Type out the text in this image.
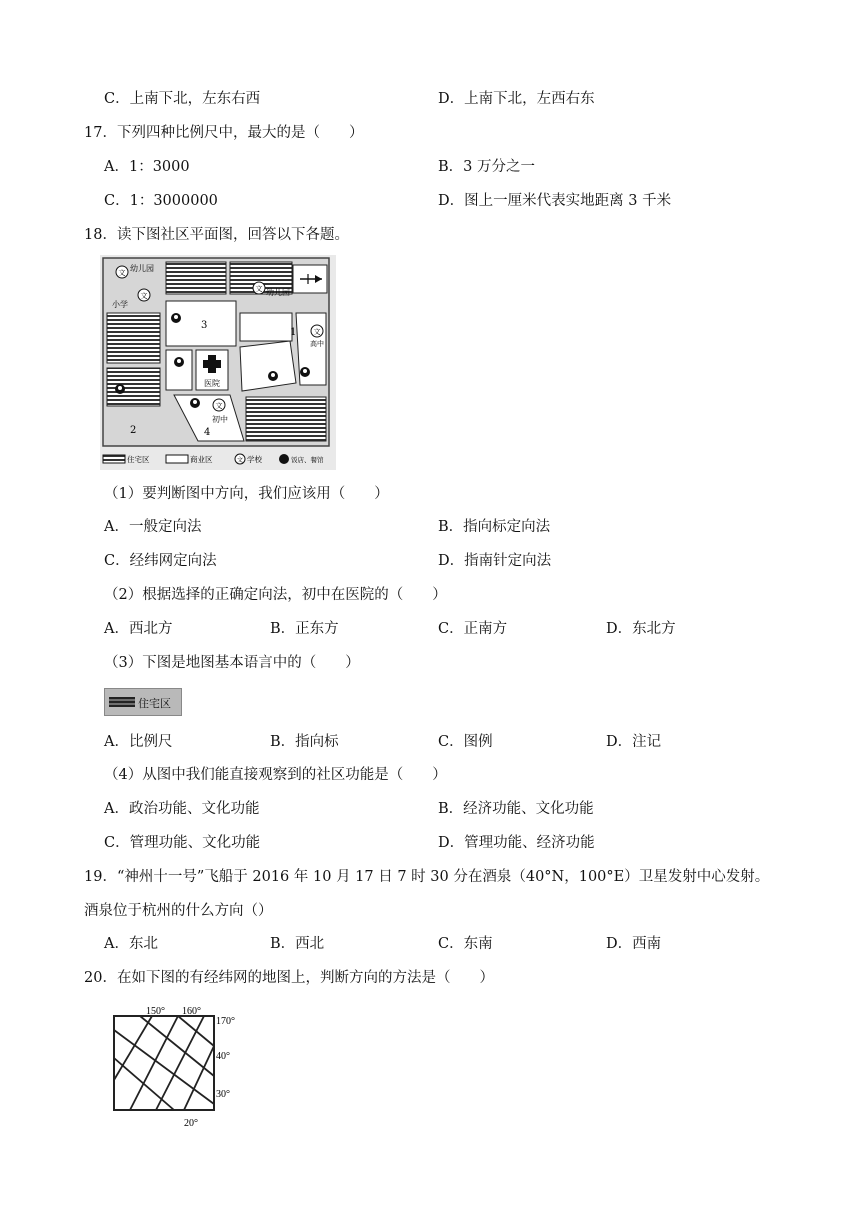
C．上南下北，左东右西	D．上南下北，左西右东
17．下列四种比例尺中，最大的是（　　）
A．1：3000	B．3 万分之一
C．1：3000000	D．图上一厘米代表实地距离 3 千米
18．读下图社区平面图，回答以下各题。
文
文
文
文
文
幼儿园
小学
幼儿园
医院
初中
高中
1
2
3
4
住宅区	商业区	文 学校	饭店、餐馆
（1）要判断图中方向，我们应该用（　　）
A．一般定向法	B．指向标定向法
C．经纬网定向法	D．指南针定向法
（2）根据选择的正确定向法，初中在医院的（　　）
A．西北方	B．正东方	C．正南方	D．东北方
（3）下图是地图基本语言中的（　　）
住宅区
A．比例尺	B．指向标	C．图例	D．注记
（4）从图中我们能直接观察到的社区功能是（　　）
A．政治功能、文化功能	B．经济功能、文化功能
C．管理功能、文化功能	D．管理功能、经济功能
19．“神州十一号”飞船于 2016 年 10 月 17 日 7 时 30 分在酒泉（40°N，100°E）卫星发射中心发射。
酒泉位于杭州的什么方向（）
A．东北	B．西北	C．东南	D．西南
20．在如下图的有经纬网的地图上，判断方向的方法是（　　）
150° 160°
170°
40°
30°
20°
